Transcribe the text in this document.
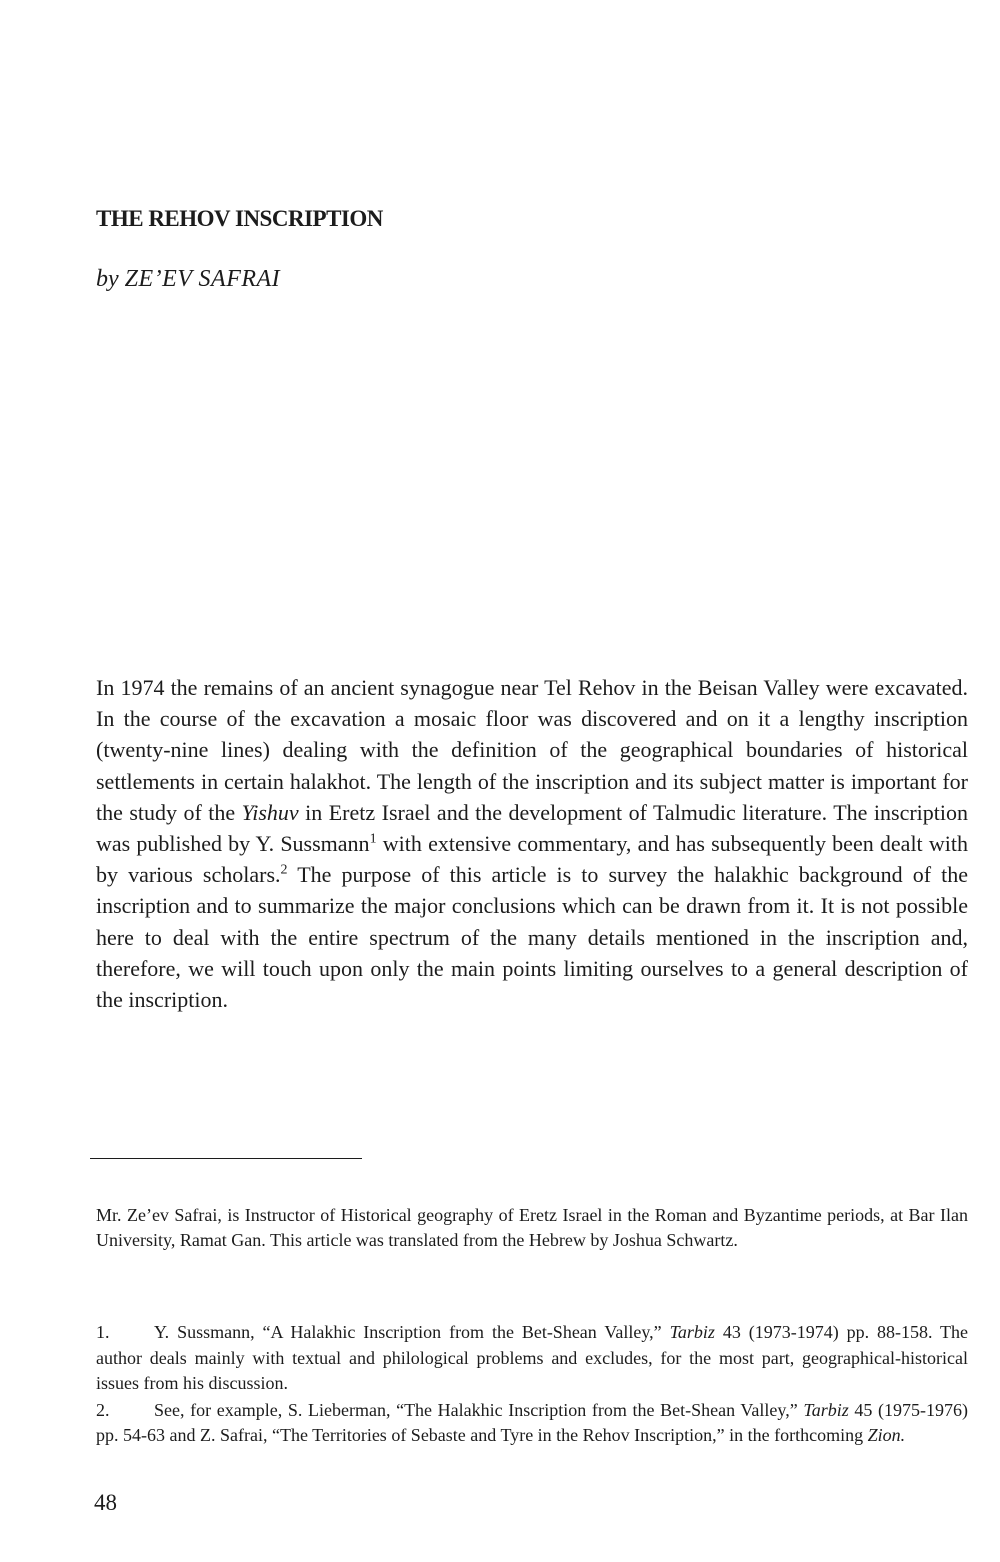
THE REHOV INSCRIPTION

by ZE’EV SAFRAI

In 1974 the remains of an ancient synagogue near Tel Rehov in the Beisan Valley were excavated. In the course of the excavation a mosaic floor was discovered and on it a lengthy inscription (twenty-nine lines) dealing with the definition of the geographical boundaries of historical settlements in certain halakhot. The length of the inscription and its subject matter is important for the study of the Yishuv in Eretz Israel and the development of Talmudic literature. The inscription was published by Y. Sussmann$^1$ with extensive commentary, and has subsequently been dealt with by various scholars.$^2$ The purpose of this article is to survey the halakhic background of the inscription and to summarize the major conclusions which can be drawn from it. It is not possible here to deal with the entire spectrum of the many details mentioned in the inscription and, therefore, we will touch upon only the main points limiting ourselves to a general description of the inscription.

Mr. Ze’ev Safrai, is Instructor of Historical geography of Eretz Israel in the Roman and Byzantime periods, at Bar Ilan University, Ramat Gan. This article was translated from the Hebrew by Joshua Schwartz.

1. Y. Sussmann, “A Halakhic Inscription from the Bet-Shean Valley,” Tarbiz 43 (1973-1974) pp. 88-158. The author deals mainly with textual and philological problems and excludes, for the most part, geographical-historical issues from his discussion.
2. See, for example, S. Lieberman, “The Halakhic Inscription from the Bet-Shean Valley,” Tarbiz 45 (1975-1976) pp. 54-63 and Z. Safrai, “The Territories of Sebaste and Tyre in the Rehov Inscription,” in the forthcoming Zion.

48
